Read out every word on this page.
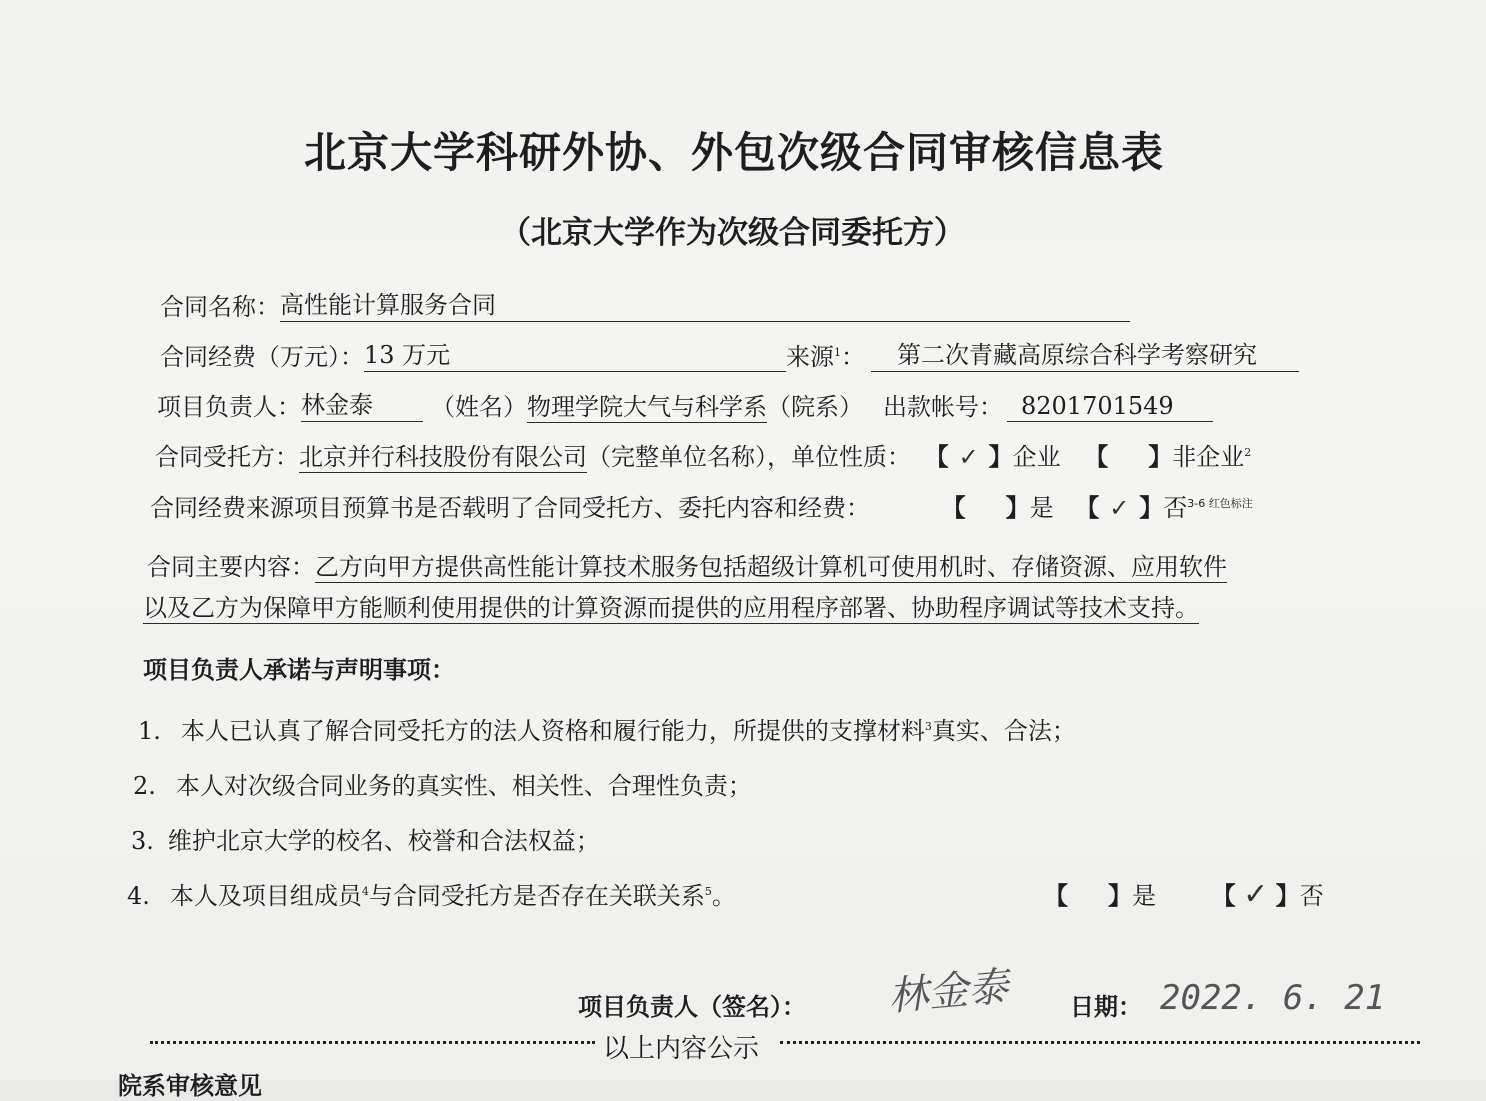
北京大学科研外协、外包次级合同审核信息表
（北京大学作为次级合同委托方）
合同名称： 高性能计算服务合同
合同经费（万元）： 13 万元	来源$^1$： 第二次青藏高原综合科学考察研究
项目负责人： 林金泰 （姓名）物理学院大气与科学系（院系） 出款帐号： 8201701549
合同受托方：北京并行科技股份有限公司（完整单位名称），单位性质： 【 ✓ 】企业 【 】非企业$^2$
合同经费来源项目预算书是否载明了合同受托方、委托内容和经费：	【 】是 【 ✓ 】否$^{3-6 红色标注}$
合同主要内容：乙方向甲方提供高性能计算技术服务包括超级计算机可使用机时、存储资源、应用软件
以及乙方为保障甲方能顺利使用提供的计算资源而提供的应用程序部署、协助程序调试等技术支持。
项目负责人承诺与声明事项：
1. 本人已认真了解合同受托方的法人资格和履行能力，所提供的支撑材料$^3$真实、合法；
2. 本人对次级合同业务的真实性、相关性、合理性负责；
3. 维护北京大学的校名、校誉和合法权益；
4. 本人及项目组成员$^4$与合同受托方是否存在关联关系$^5$。	【 】是 【 ✓ 】否
项目负责人（签名）： 林金泰 日期： 2022. 6. 21
以上内容公示
院系审核意见
